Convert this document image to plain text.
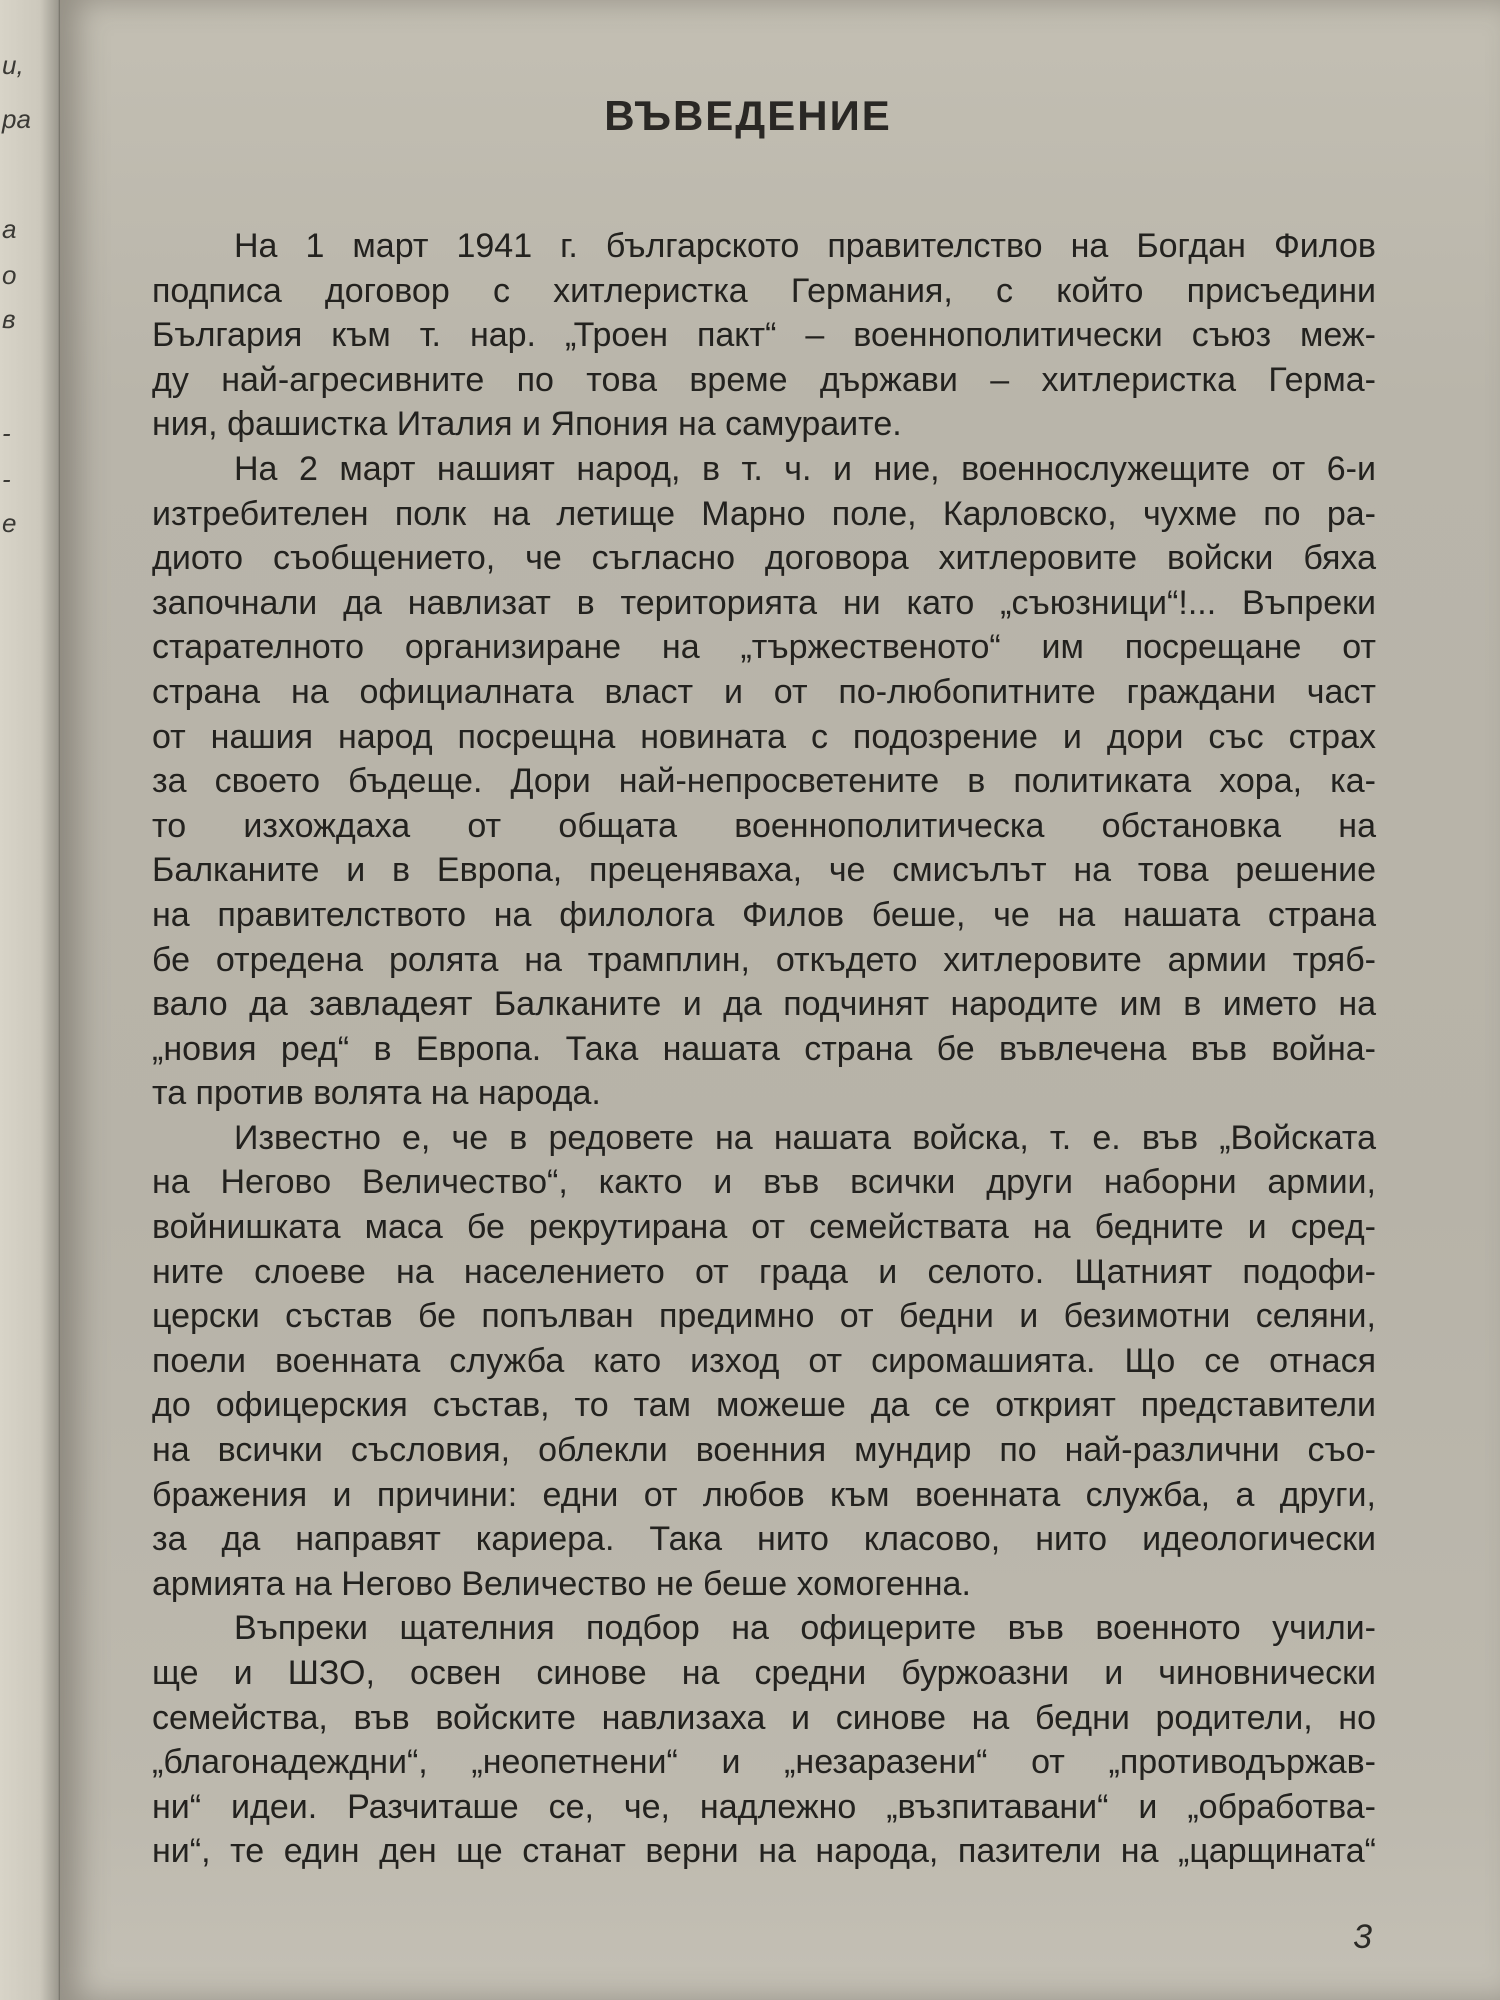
и,
ра
а
о
в
-
-
е
ВЪВЕДЕНИЕ
На 1 март 1941 г. българското правителство на Богдан Филов
подписа договор с хитлеристка Германия, с който присъедини
България към т. нар. „Троен пакт“ – военнополитически съюз меж-
ду най-агресивните по това време държави – хитлеристка Герма-
ния, фашистка Италия и Япония на самураите.
На 2 март нашият народ, в т. ч. и ние, военнослужещите от 6-и
изтребителен полк на летище Марно поле, Карловско, чухме по ра-
диото съобщението, че съгласно договора хитлеровите войски бяха
започнали да навлизат в територията ни като „съюзници“!... Въпреки
старателното организиране на „тържественото“ им посрещане от
страна на официалната власт и от по-любопитните граждани част
от нашия народ посрещна новината с подозрение и дори със страх
за своето бъдеще. Дори най-непросветените в политиката хора, ка-
то изхождаха от общата военнополитическа обстановка на
Балканите и в Европа, преценяваха, че смисълът на това решение
на правителството на филолога Филов беше, че на нашата страна
бе отредена ролята на трамплин, откъдето хитлеровите армии тряб-
вало да завладеят Балканите и да подчинят народите им в името на
„новия ред“ в Европа. Така нашата страна бе въвлечена във война-
та против волята на народа.
Известно е, че в редовете на нашата войска, т. е. във „Войската
на Негово Величество“, както и във всички други наборни армии,
войнишката маса бе рекрутирана от семействата на бедните и сред-
ните слоеве на населението от града и селото. Щатният подофи-
церски състав бе попълван предимно от бедни и безимотни селяни,
поели военната служба като изход от сиромашията. Що се отнася
до офицерския състав, то там можеше да се открият представители
на всички съсловия, облекли военния мундир по най-различни съо-
бражения и причини: едни от любов към военната служба, а други,
за да направят кариера. Така нито класово, нито идеологически
армията на Негово Величество не беше хомогенна.
Въпреки щателния подбор на офицерите във военното учили-
ще и ШЗО, освен синове на средни буржоазни и чиновнически
семейства, във войските навлизаха и синове на бедни родители, но
„благонадеждни“, „неопетнени“ и „незаразени“ от „противодържав-
ни“ идеи. Разчиташе се, че, надлежно „възпитавани“ и „обработва-
ни“, те един ден ще станат верни на народа, пазители на „царщината“
3
